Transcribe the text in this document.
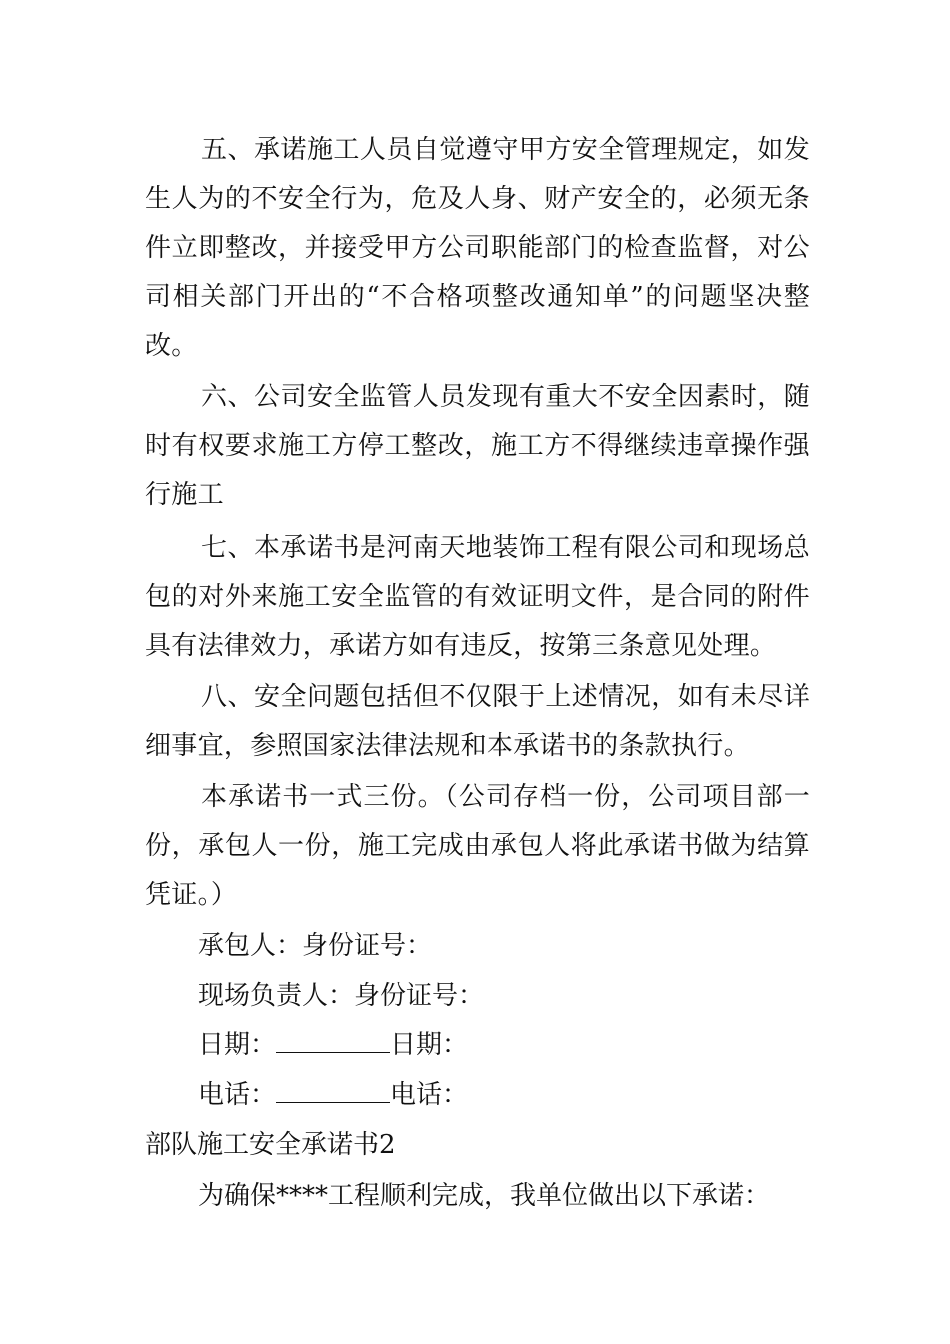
五、承诺施工人员自觉遵守甲方安全管理规定，如发生人为的不安全行为，危及人身、财产安全的，必须无条件立即整改，并接受甲方公司职能部门的检查监督，对公司相关部门开出的“不合格项整改通知单”的问题坚决整改。

六、公司安全监管人员发现有重大不安全因素时，随时有权要求施工方停工整改，施工方不得继续违章操作强行施工

七、本承诺书是河南天地装饰工程有限公司和现场总包的对外来施工安全监管的有效证明文件，是合同的附件具有法律效力，承诺方如有违反，按第三条意见处理。

八、安全问题包括但不仅限于上述情况，如有未尽详细事宜，参照国家法律法规和本承诺书的条款执行。

本承诺书一式三份。（公司存档一份，公司项目部一份，承包人一份，施工完成由承包人将此承诺书做为结算凭证。）

承包人：身份证号：

现场负责人：身份证号：

日期：	日期：

电话：	电话：

部队施工安全承诺书2

为确保****工程顺利完成，我单位做出以下承诺：
